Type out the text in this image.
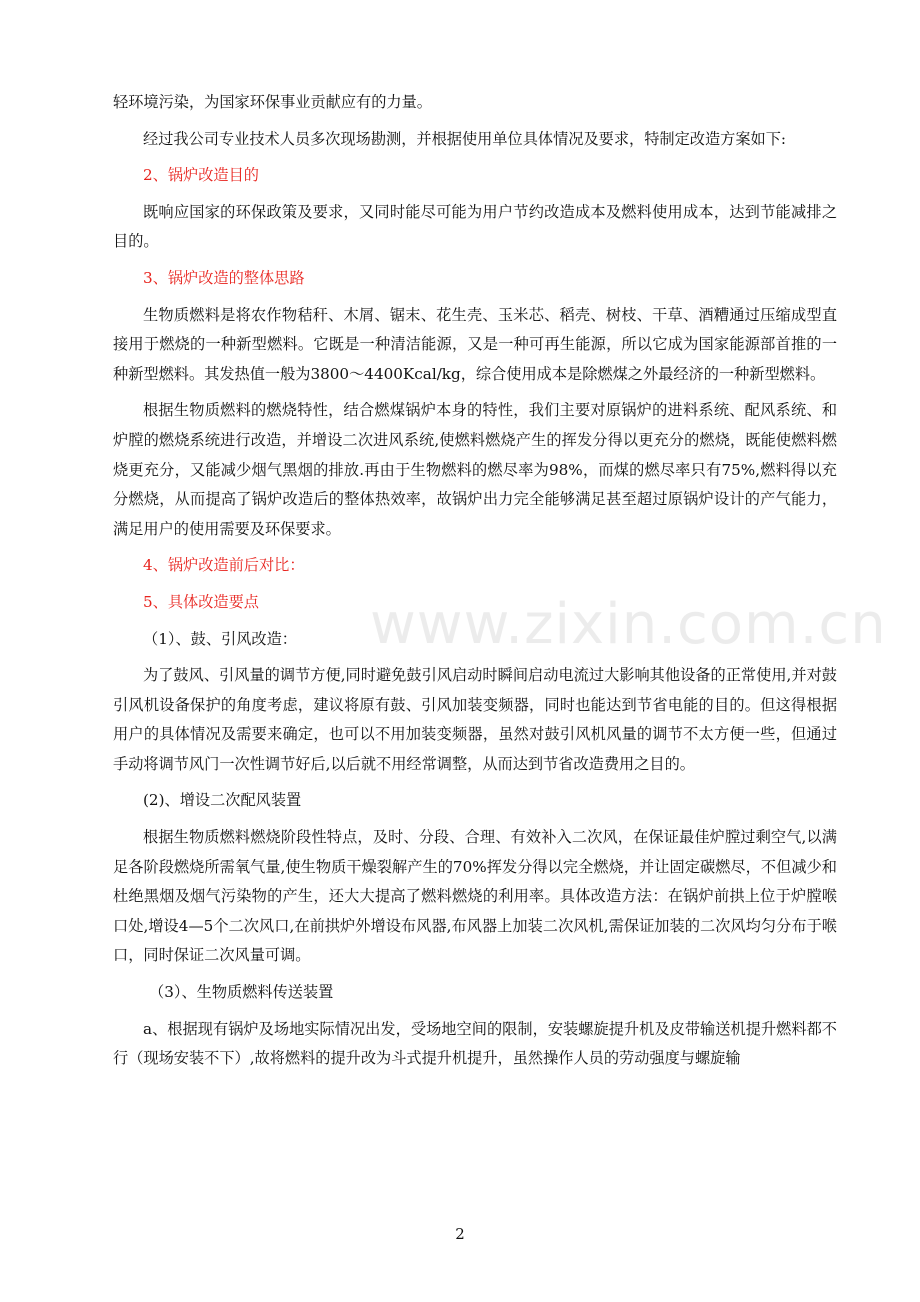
轻环境污染，为国家环保事业贡献应有的力量。

经过我公司专业技术人员多次现场勘测，并根据使用单位具体情况及要求，特制定改造方案如下:

2、锅炉改造目的

既响应国家的环保政策及要求，又同时能尽可能为用户节约改造成本及燃料使用成本，达到节能减排之目的。

3、锅炉改造的整体思路

生物质燃料是将农作物秸秆、木屑、锯末、花生壳、玉米芯、稻壳、树枝、干草、酒糟通过压缩成型直接用于燃烧的一种新型燃料。它既是一种清洁能源，又是一种可再生能源，所以它成为国家能源部首推的一种新型燃料。其发热值一般为3800～4400Kcal/kg，综合使用成本是除燃煤之外最经济的一种新型燃料。

根据生物质燃料的燃烧特性，结合燃煤锅炉本身的特性，我们主要对原锅炉的进料系统、配风系统、和炉膛的燃烧系统进行改造，并增设二次进风系统,使燃料燃烧产生的挥发分得以更充分的燃烧，既能使燃料燃烧更充分，又能减少烟气黑烟的排放.再由于生物燃料的燃尽率为98%，而煤的燃尽率只有75%,燃料得以充分燃烧，从而提高了锅炉改造后的整体热效率，故锅炉出力完全能够满足甚至超过原锅炉设计的产气能力，满足用户的使用需要及环保要求。

4、锅炉改造前后对比：

5、具体改造要点

（1）、鼓、引风改造：

为了鼓风、引风量的调节方便,同时避免鼓引风启动时瞬间启动电流过大影响其他设备的正常使用,并对鼓引风机设备保护的角度考虑，建议将原有鼓、引风加装变频器，同时也能达到节省电能的目的。但这得根据用户的具体情况及需要来确定，也可以不用加装变频器，虽然对鼓引风机风量的调节不太方便一些，但通过手动将调节风门一次性调节好后,以后就不用经常调整，从而达到节省改造费用之目的。

(2)、增设二次配风装置

根据生物质燃料燃烧阶段性特点，及时、分段、合理、有效补入二次风，在保证最佳炉膛过剩空气,以满足各阶段燃烧所需氧气量,使生物质干燥裂解产生的70%挥发分得以完全燃烧，并让固定碳燃尽，不但减少和杜绝黑烟及烟气污染物的产生，还大大提高了燃料燃烧的利用率。具体改造方法：在锅炉前拱上位于炉膛喉口处,增设4—5个二次风口,在前拱炉外增设布风器,布风器上加装二次风机,需保证加装的二次风均匀分布于喉口，同时保证二次风量可调。

（3）、生物质燃料传送装置

a、根据现有锅炉及场地实际情况出发，受场地空间的限制，安装螺旋提升机及皮带输送机提升燃料都不行（现场安装不下）,故将燃料的提升改为斗式提升机提升，虽然操作人员的劳动强度与螺旋输

www.zixin.com.cn
2
